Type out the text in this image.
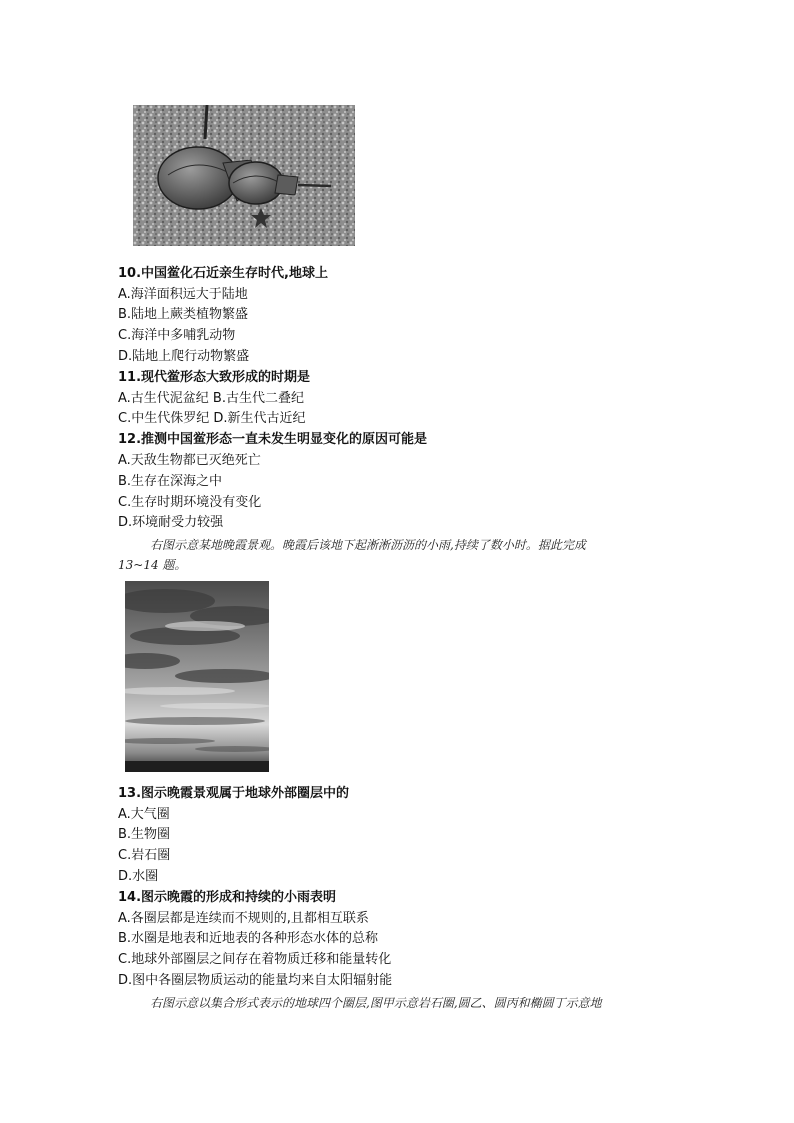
10.中国鲎化石近亲生存时代,地球上
A.海洋面积远大于陆地
B.陆地上蕨类植物繁盛
C.海洋中多哺乳动物
D.陆地上爬行动物繁盛
11.现代鲎形态大致形成的时期是
A.古生代泥盆纪 B.古生代二叠纪
C.中生代侏罗纪 D.新生代古近纪
12.推测中国鲎形态一直未发生明显变化的原因可能是
A.天敌生物都已灭绝死亡
B.生存在深海之中
C.生存时期环境没有变化
D.环境耐受力较强
右图示意某地晚霞景观。晚霞后该地下起淅淅沥沥的小雨,持续了数小时。据此完成
13~14 题。
13.图示晚霞景观属于地球外部圈层中的
A.大气圈
B.生物圈
C.岩石圈
D.水圈
14.图示晚霞的形成和持续的小雨表明
A.各圈层都是连续而不规则的,且都相互联系
B.水圈是地表和近地表的各种形态水体的总称
C.地球外部圈层之间存在着物质迁移和能量转化
D.图中各圈层物质运动的能量均来自太阳辐射能
右图示意以集合形式表示的地球四个圈层,图甲示意岩石圈,圆乙、圆丙和椭圆丁示意地
